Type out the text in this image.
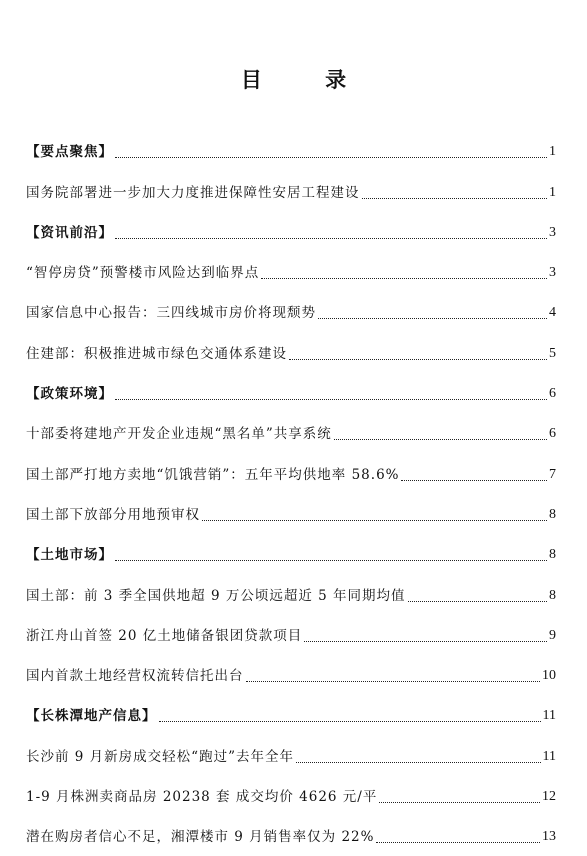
目 录
【要点聚焦】	1
国务院部署进一步加大力度推进保障性安居工程建设	1
【资讯前沿】	3
“智停房贷”预警楼市风险达到临界点	3
国家信息中心报告：三四线城市房价将现颓势	4
住建部：积极推进城市绿色交通体系建设	5
【政策环境】	6
十部委将建地产开发企业违规“黑名单”共享系统	6
国土部严打地方卖地“饥饿营销”：五年平均供地率 58.6%	7
国土部下放部分用地预审权	8
【土地市场】	8
国土部：前 3 季全国供地超 9 万公顷远超近 5 年同期均值	8
浙江舟山首签 20 亿土地储备银团贷款项目	9
国内首款土地经营权流转信托出台	10
【长株潭地产信息】	11
长沙前 9 月新房成交轻松“跑过”去年全年	11
1-9 月株洲卖商品房 20238 套 成交均价 4626 元/平	12
潜在购房者信心不足，湘潭楼市 9 月销售率仅为 22%	13
